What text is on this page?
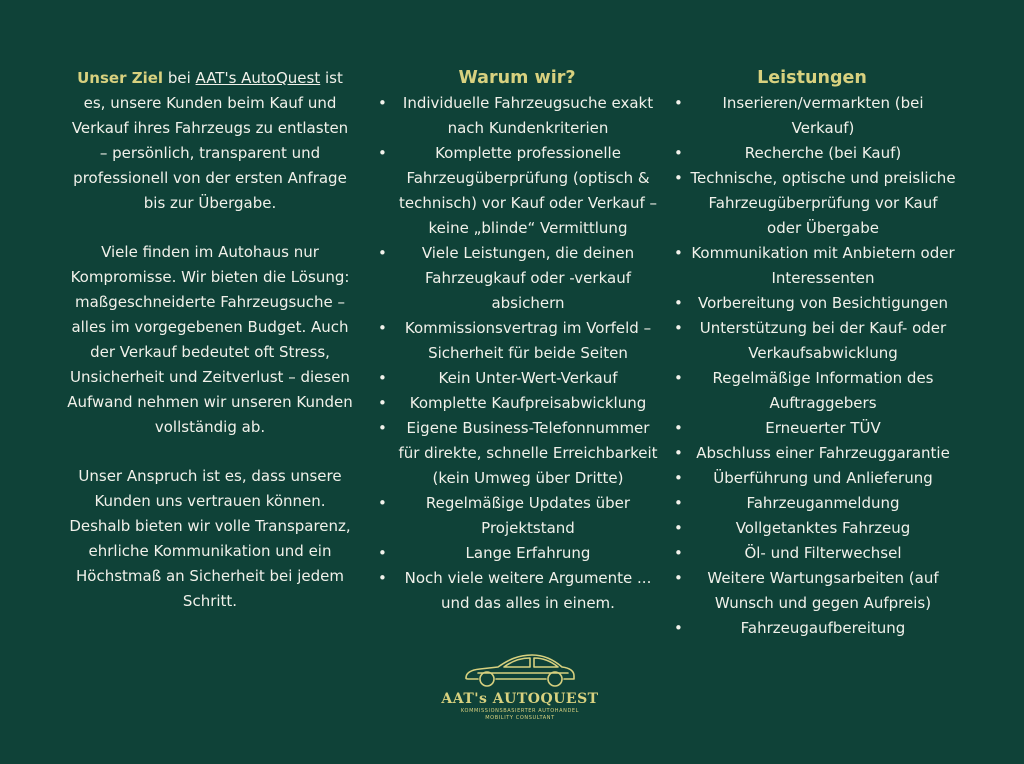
Unser Ziel bei AAT's AutoQuest ist es, unsere Kunden beim Kauf und Verkauf ihres Fahrzeugs zu entlasten – persönlich, transparent und professionell von der ersten Anfrage bis zur Übergabe.

Viele finden im Autohaus nur Kompromisse. Wir bieten die Lösung: maßgeschneiderte Fahrzeugsuche – alles im vorgegebenen Budget. Auch der Verkauf bedeutet oft Stress, Unsicherheit und Zeitverlust – diesen Aufwand nehmen wir unseren Kunden vollständig ab.

Unser Anspruch ist es, dass unsere Kunden uns vertrauen können. Deshalb bieten wir volle Transparenz, ehrliche Kommunikation und ein Höchstmaß an Sicherheit bei jedem Schritt.

Warum wir?
• Individuelle Fahrzeugsuche exakt nach Kundenkriterien
• Komplette professionelle Fahrzeugüberprüfung (optisch & technisch) vor Kauf oder Verkauf – keine „blinde“ Vermittlung
• Viele Leistungen, die deinen Fahrzeugkauf oder -verkauf absichern
• Kommissionsvertrag im Vorfeld – Sicherheit für beide Seiten
• Kein Unter-Wert-Verkauf
• Komplette Kaufpreisabwicklung
• Eigene Business-Telefonnummer für direkte, schnelle Erreichbarkeit (kein Umweg über Dritte)
• Regelmäßige Updates über Projektstand
• Lange Erfahrung
• Noch viele weitere Argumente ... und das alles in einem.
Leistungen
• Inserieren/vermarkten (bei Verkauf)
• Recherche (bei Kauf)
• Technische, optische und preisliche Fahrzeugüberprüfung vor Kauf oder Übergabe
• Kommunikation mit Anbietern oder Interessenten
• Vorbereitung von Besichtigungen
• Unterstützung bei der Kauf- oder Verkaufsabwicklung
• Regelmäßige Information des Auftraggebers
• Erneuerter TÜV
• Abschluss einer Fahrzeuggarantie
• Überführung und Anlieferung
• Fahrzeuganmeldung
• Vollgetanktes Fahrzeug
• Öl- und Filterwechsel
• Weitere Wartungsarbeiten (auf Wunsch und gegen Aufpreis)
• Fahrzeugaufbereitung
AAT's AUTOQUEST
KOMMISSIONSBASIERTER AUTOHANDEL
MOBILITY CONSULTANT
